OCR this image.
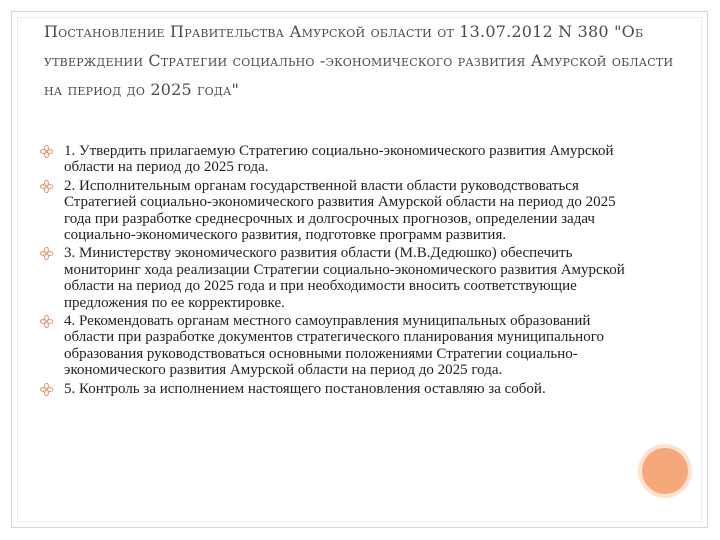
Постановление Правительства Амурской области от 13.07.2012 N 380 "Об утверждении Стратегии социально -экономического развития Амурской области на период до 2025 года"
1. Утвердить прилагаемую Стратегию социально-экономического развития Амурской области на период до 2025 года.
2. Исполнительным органам государственной власти области руководствоваться Стратегией социально-экономического развития Амурской области на период до 2025 года при разработке среднесрочных и долгосрочных прогнозов, определении задач социально-экономического развития, подготовке программ развития.
3. Министерству экономического развития области (М.В.Дедюшко) обеспечить мониторинг хода реализации Стратегии социально-экономического развития Амурской области на период до 2025 года и при необходимости вносить соответствующие предложения по ее корректировке.
4. Рекомендовать органам местного самоуправления муниципальных образований области при разработке документов стратегического планирования муниципального образования руководствоваться основными положениями Стратегии социально-экономического развития Амурской области на период до 2025 года.
5. Контроль за исполнением настоящего постановления оставляю за собой.
